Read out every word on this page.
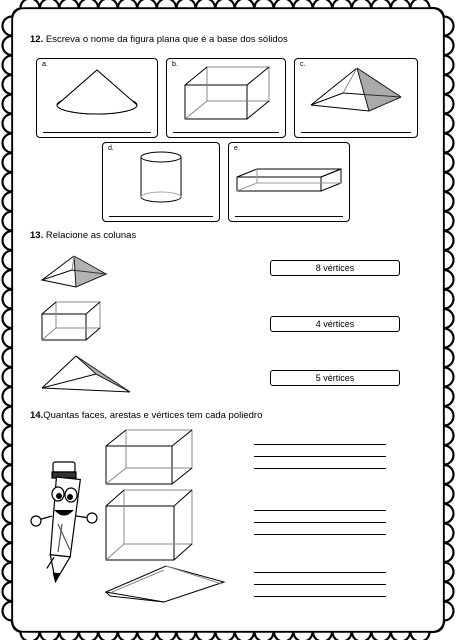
12. Escreva o nome da figura plana que é a base dos sólidos
a.	b.	c.
d.	e.
13. Relacione as colunas
8 vértices
4 vértices
5 vértices
14.Quantas faces, arestas e vértices tem cada poliedro
